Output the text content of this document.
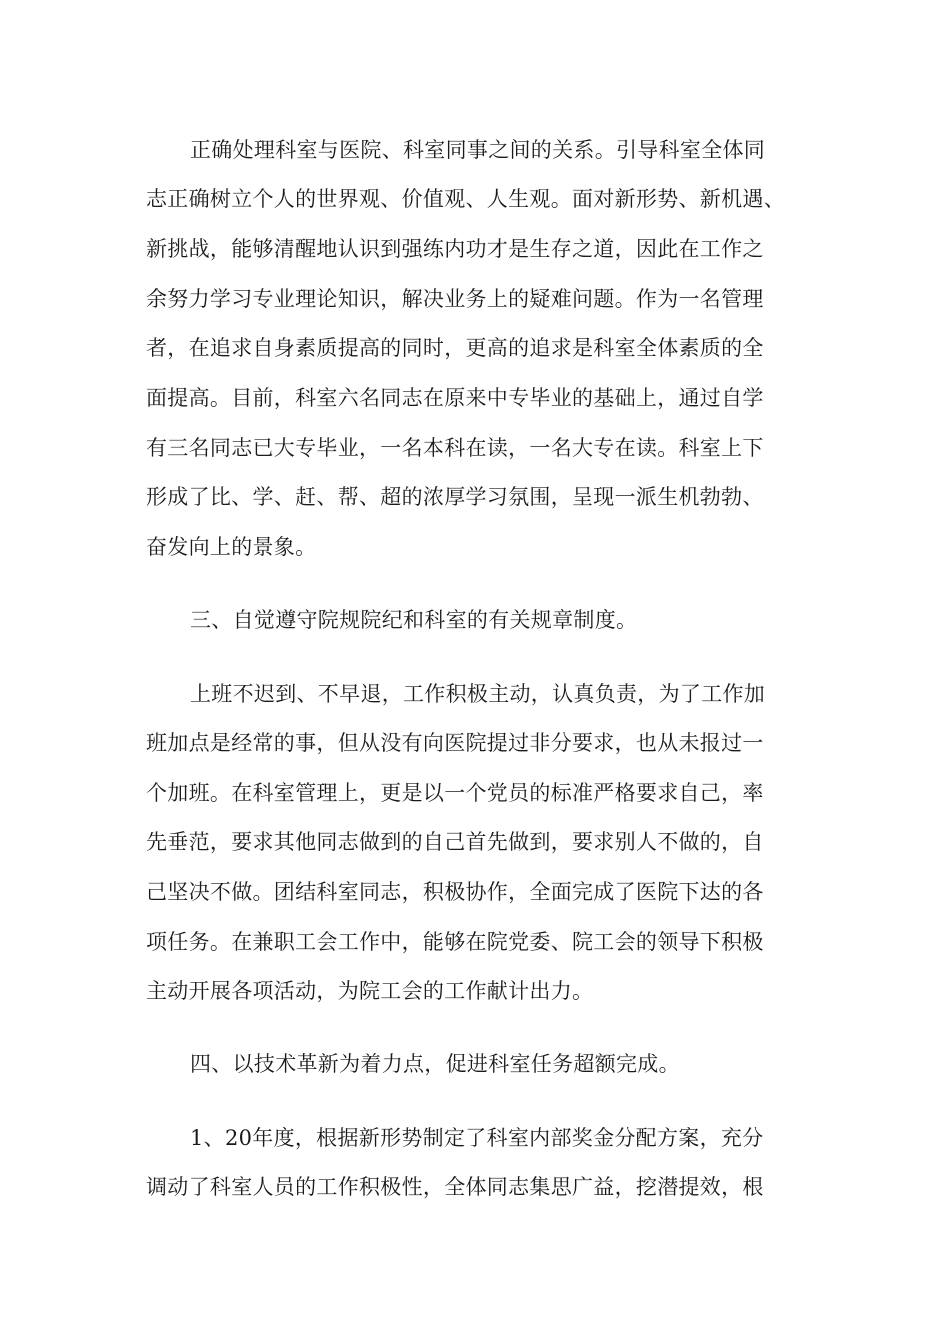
正确处理科室与医院、科室同事之间的关系。引导科室全体同
志正确树立个人的世界观、价值观、人生观。面对新形势、新机遇、
新挑战，能够清醒地认识到强练内功才是生存之道，因此在工作之
余努力学习专业理论知识，解决业务上的疑难问题。作为一名管理
者，在追求自身素质提高的同时，更高的追求是科室全体素质的全
面提高。目前，科室六名同志在原来中专毕业的基础上，通过自学
有三名同志已大专毕业，一名本科在读，一名大专在读。科室上下
形成了比、学、赶、帮、超的浓厚学习氛围，呈现一派生机勃勃、
奋发向上的景象。
三、自觉遵守院规院纪和科室的有关规章制度。
上班不迟到、不早退，工作积极主动，认真负责，为了工作加
班加点是经常的事，但从没有向医院提过非分要求，也从未报过一
个加班。在科室管理上，更是以一个党员的标准严格要求自己，率
先垂范，要求其他同志做到的自己首先做到，要求别人不做的，自
己坚决不做。团结科室同志，积极协作，全面完成了医院下达的各
项任务。在兼职工会工作中，能够在院党委、院工会的领导下积极
主动开展各项活动，为院工会的工作献计出力。
四、以技术革新为着力点，促进科室任务超额完成。
1、20年度，根据新形势制定了科室内部奖金分配方案，充分
调动了科室人员的工作积极性，全体同志集思广益，挖潜提效，根
